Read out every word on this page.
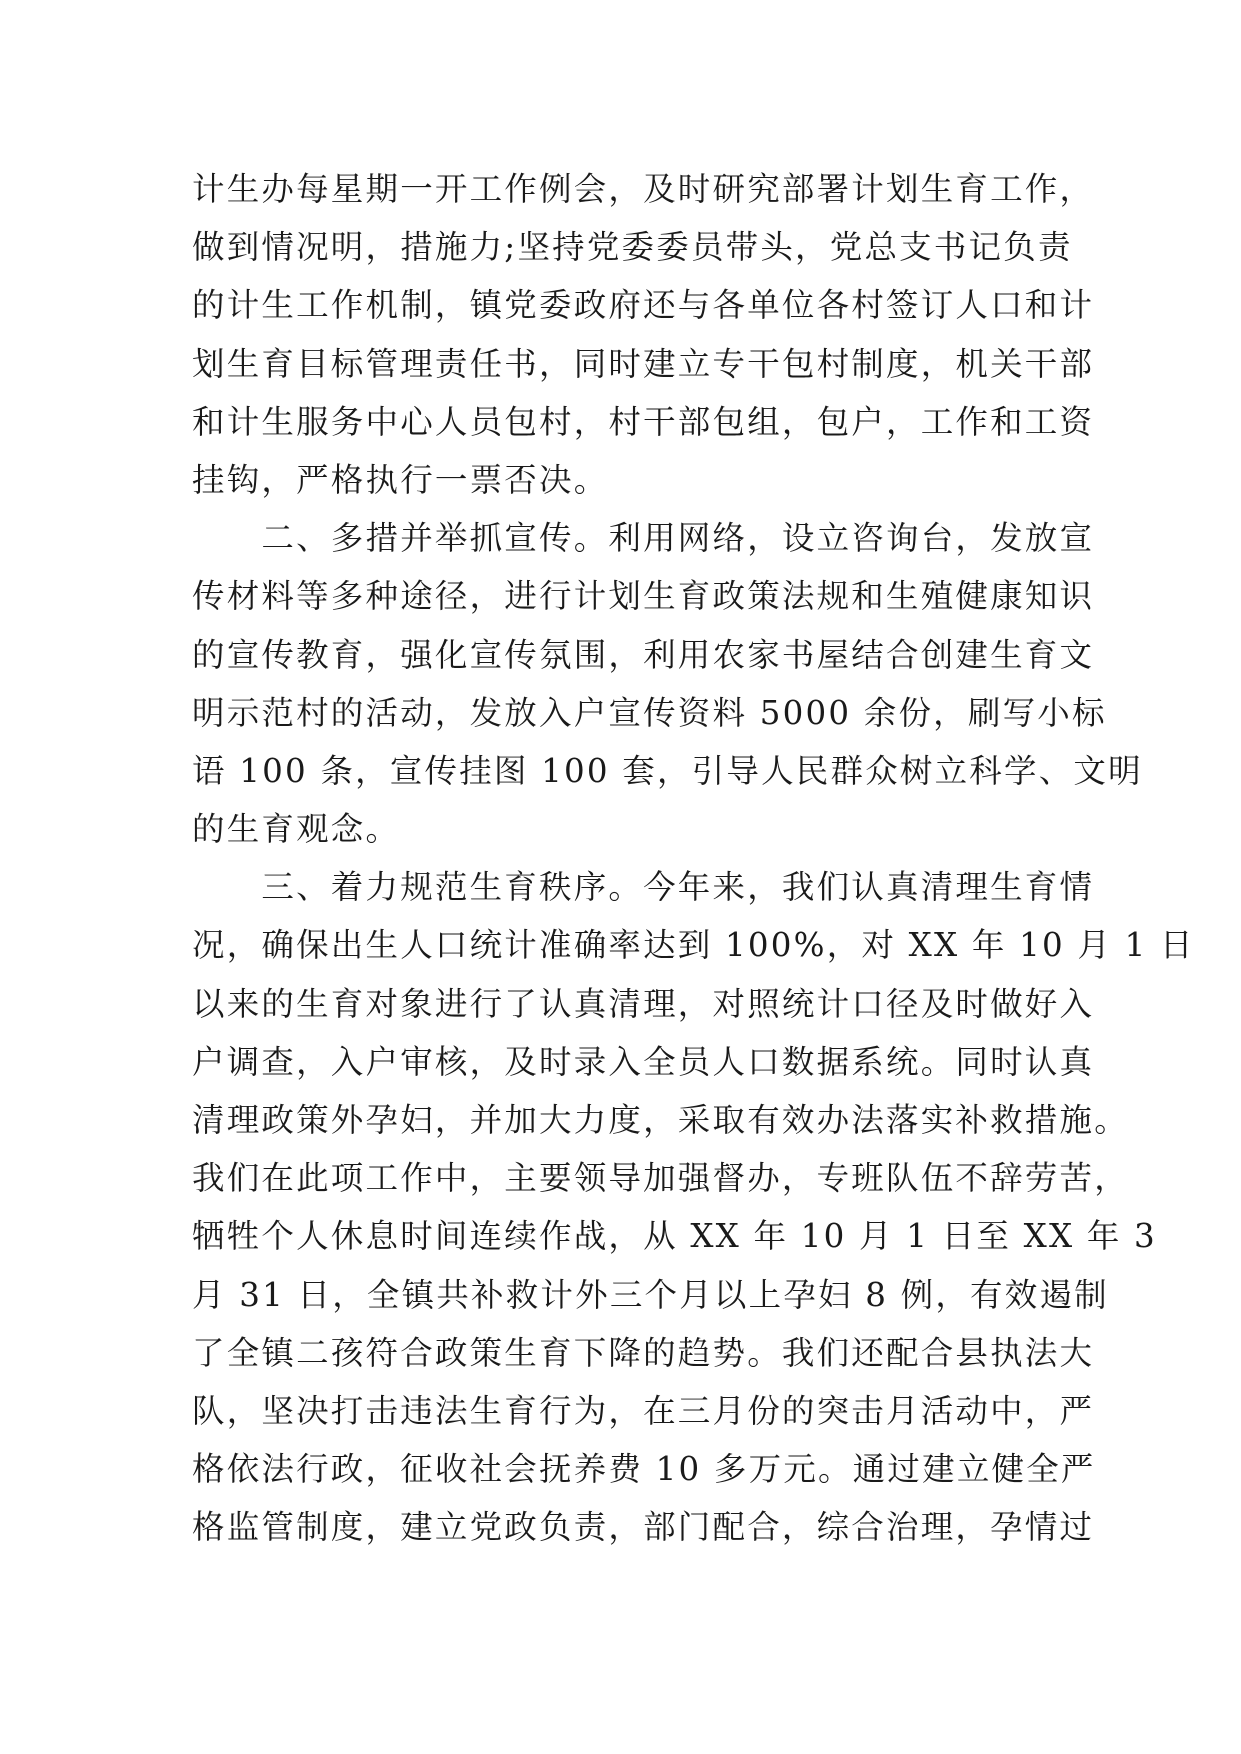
计生办每星期一开工作例会，及时研究部署计划生育工作，
做到情况明，措施力;坚持党委委员带头，党总支书记负责
的计生工作机制，镇党委政府还与各单位各村签订人口和计
划生育目标管理责任书，同时建立专干包村制度，机关干部
和计生服务中心人员包村，村干部包组，包户，工作和工资
挂钩，严格执行一票否决。
　　二、多措并举抓宣传。利用网络，设立咨询台，发放宣
传材料等多种途径，进行计划生育政策法规和生殖健康知识
的宣传教育，强化宣传氛围，利用农家书屋结合创建生育文
明示范村的活动，发放入户宣传资料 5000 余份，刷写小标
语 100 条，宣传挂图 100 套，引导人民群众树立科学、文明
的生育观念。
　　三、着力规范生育秩序。今年来，我们认真清理生育情
况，确保出生人口统计准确率达到 100%，对 XX 年 10 月 1 日
以来的生育对象进行了认真清理，对照统计口径及时做好入
户调查，入户审核，及时录入全员人口数据系统。同时认真
清理政策外孕妇，并加大力度，采取有效办法落实补救措施。
我们在此项工作中，主要领导加强督办，专班队伍不辞劳苦，
牺牲个人休息时间连续作战，从 XX 年 10 月 1 日至 XX 年 3
月 31 日，全镇共补救计外三个月以上孕妇 8 例，有效遏制
了全镇二孩符合政策生育下降的趋势。我们还配合县执法大
队，坚决打击违法生育行为，在三月份的突击月活动中，严
格依法行政，征收社会抚养费 10 多万元。通过建立健全严
格监管制度，建立党政负责，部门配合，综合治理，孕情过
